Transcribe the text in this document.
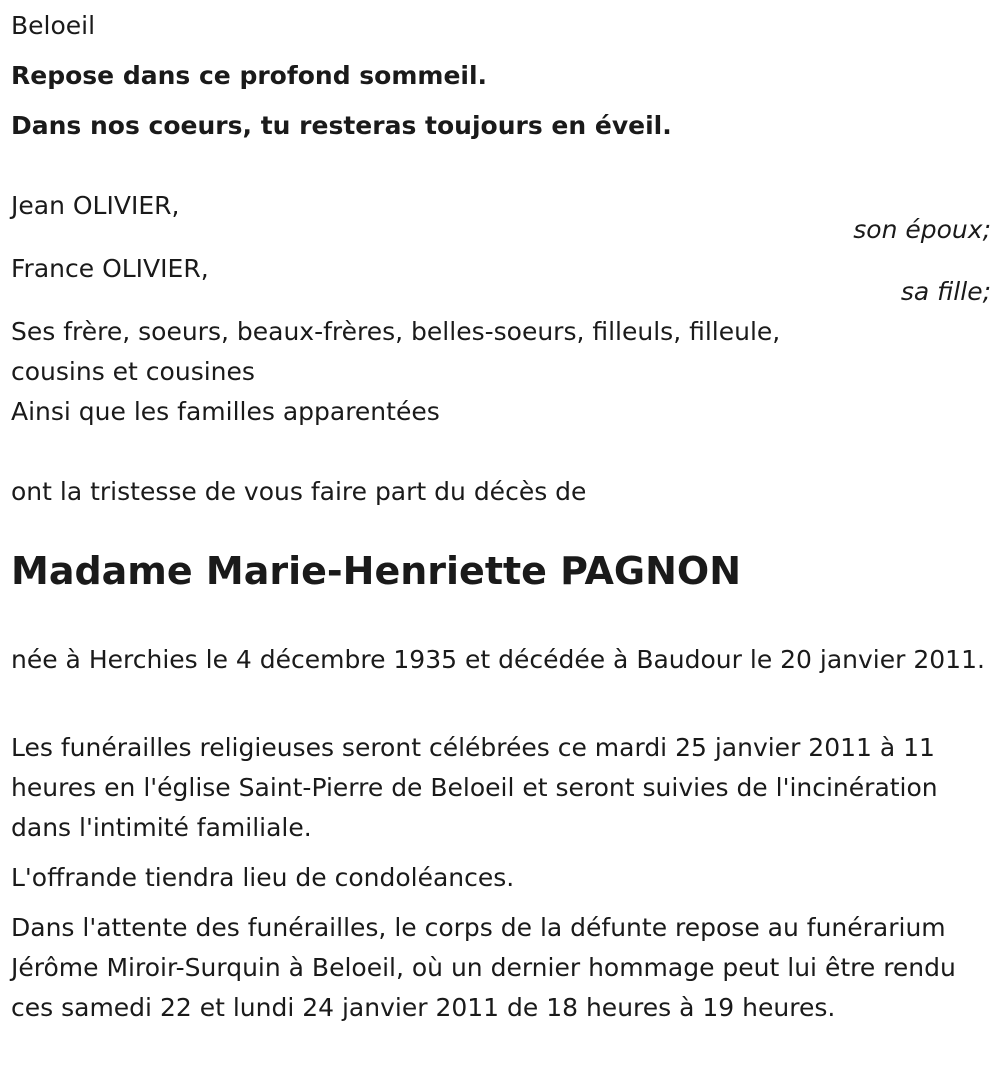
Beloeil

Repose dans ce profond sommeil.

Dans nos coeurs, tu resteras toujours en éveil.

Jean OLIVIER,

son époux;

France OLIVIER,

sa fille;

Ses frère, soeurs, beaux-frères, belles-soeurs, filleuls, filleule,
cousins et cousines
Ainsi que les familles apparentées

ont la tristesse de vous faire part du décès de

Madame Marie-Henriette PAGNON

née à Herchies le 4 décembre 1935 et décédée à Baudour le 20 janvier 2011.

Les funérailles religieuses seront célébrées ce mardi 25 janvier 2011 à 11 heures en l'église Saint-Pierre de Beloeil et seront suivies de l'incinération dans l'intimité familiale.

L'offrande tiendra lieu de condoléances.

Dans l'attente des funérailles, le corps de la défunte repose au funérarium Jérôme Miroir-Surquin à Beloeil, où un dernier hommage peut lui être rendu ces samedi 22 et lundi 24 janvier 2011 de 18 heures à 19 heures.
